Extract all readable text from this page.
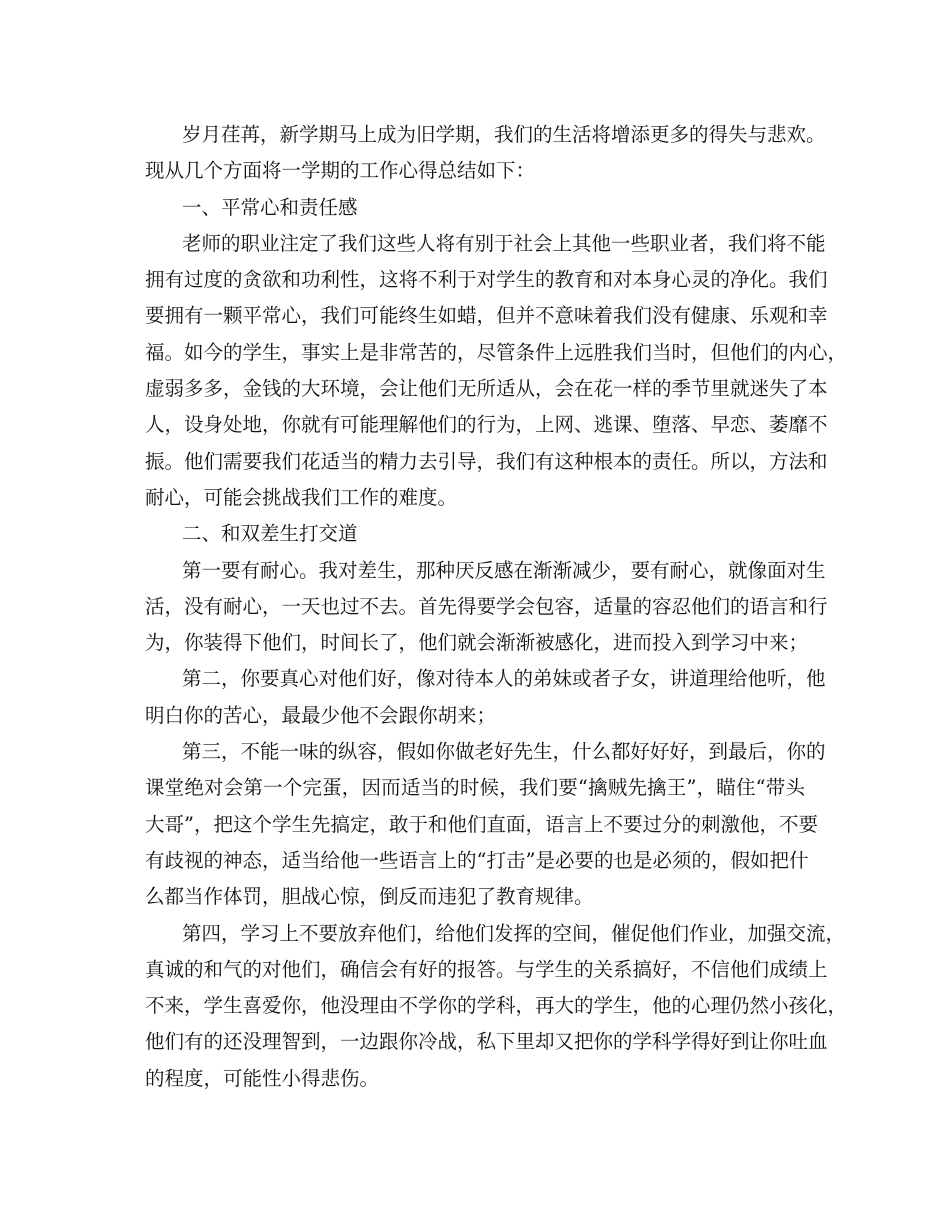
岁月荏苒，新学期马上成为旧学期，我们的生活将增添更多的得失与悲欢。
现从几个方面将一学期的工作心得总结如下：
一、平常心和责任感
老师的职业注定了我们这些人将有别于社会上其他一些职业者，我们将不能
拥有过度的贪欲和功利性，这将不利于对学生的教育和对本身心灵的净化。我们
要拥有一颗平常心，我们可能终生如蜡，但并不意味着我们没有健康、乐观和幸
福。如今的学生，事实上是非常苦的，尽管条件上远胜我们当时，但他们的内心，
虚弱多多，金钱的大环境，会让他们无所适从，会在花一样的季节里就迷失了本
人，设身处地，你就有可能理解他们的行为，上网、逃课、堕落、早恋、萎靡不
振。他们需要我们花适当的精力去引导，我们有这种根本的责任。所以，方法和
耐心，可能会挑战我们工作的难度。
二、和双差生打交道
第一要有耐心。我对差生，那种厌反感在渐渐减少，要有耐心，就像面对生
活，没有耐心，一天也过不去。首先得要学会包容，适量的容忍他们的语言和行
为，你装得下他们，时间长了，他们就会渐渐被感化，进而投入到学习中来；
第二，你要真心对他们好，像对待本人的弟妹或者子女，讲道理给他听，他
明白你的苦心，最最少他不会跟你胡来；
第三，不能一味的纵容，假如你做老好先生，什么都好好好，到最后，你的
课堂绝对会第一个完蛋，因而适当的时候，我们要“擒贼先擒王”，瞄住“带头
大哥”，把这个学生先搞定，敢于和他们直面，语言上不要过分的刺激他，不要
有歧视的神态，适当给他一些语言上的“打击”是必要的也是必须的，假如把什
么都当作体罚，胆战心惊，倒反而违犯了教育规律。
第四，学习上不要放弃他们，给他们发挥的空间，催促他们作业，加强交流，
真诚的和气的对他们，确信会有好的报答。与学生的关系搞好，不信他们成绩上
不来，学生喜爱你，他没理由不学你的学科，再大的学生，他的心理仍然小孩化，
他们有的还没理智到，一边跟你冷战，私下里却又把你的学科学得好到让你吐血
的程度，可能性小得悲伤。
